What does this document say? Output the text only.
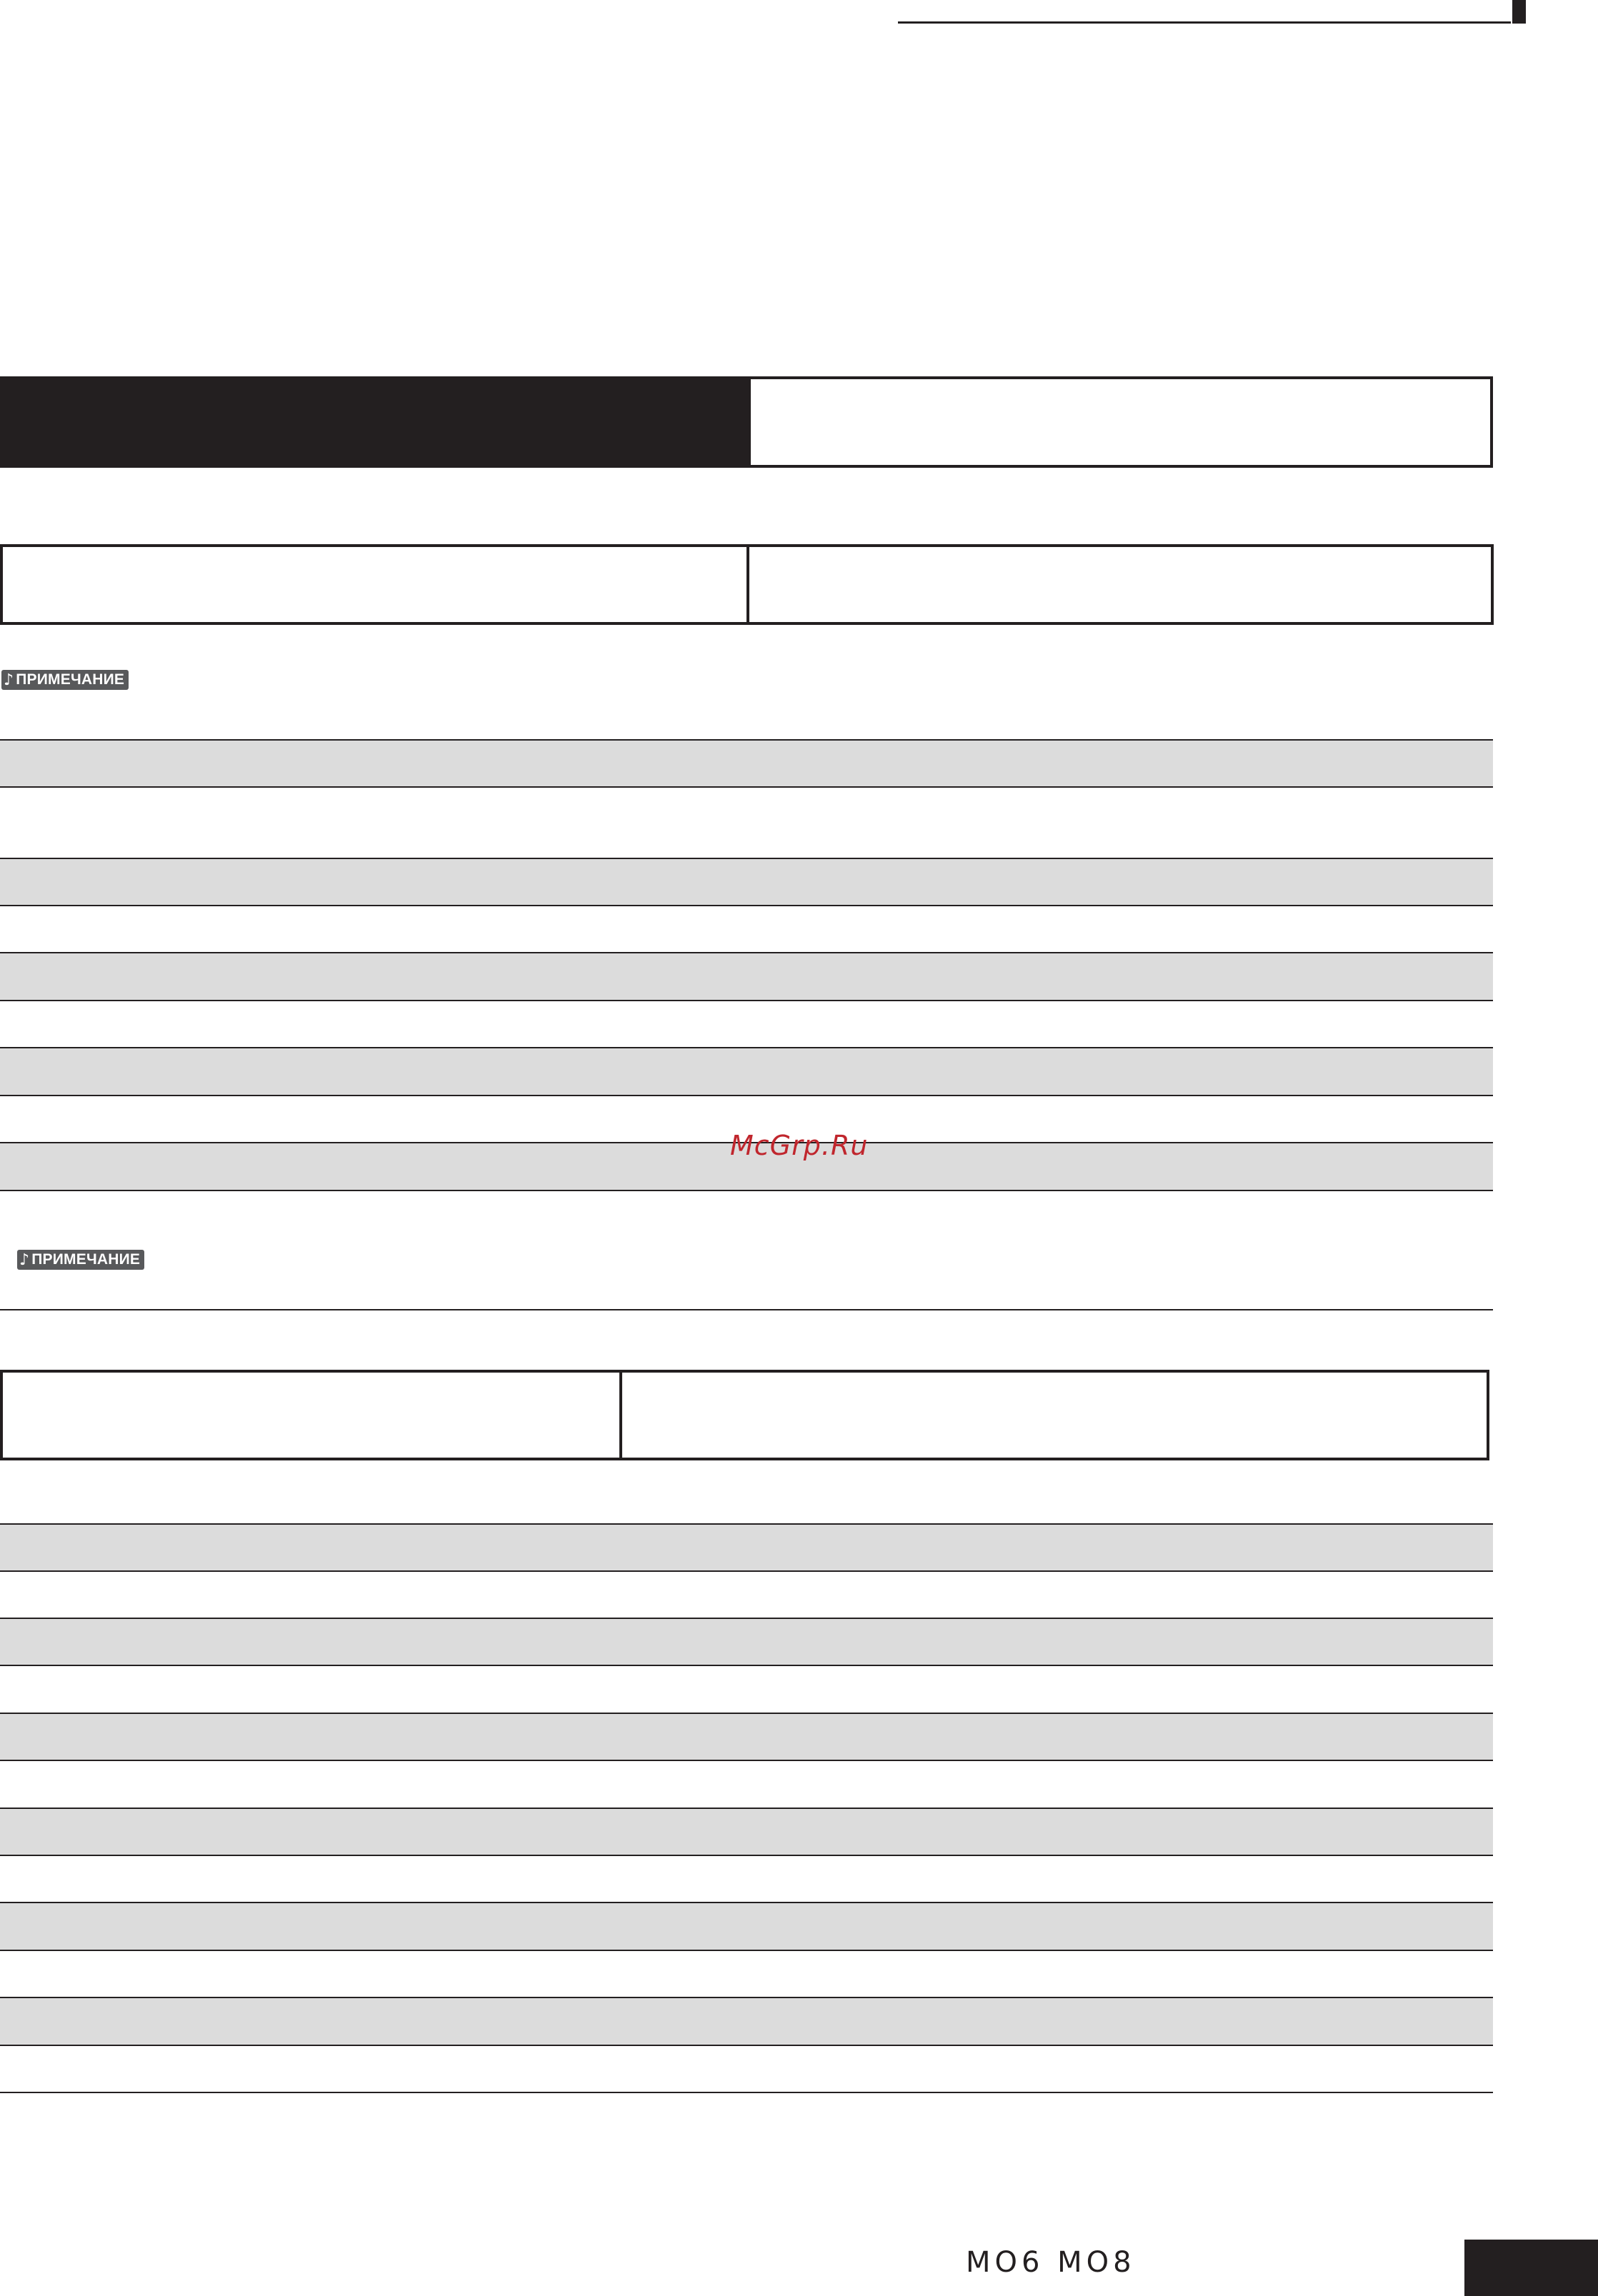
♪ ПРИМЕЧАНИЕ
McGrp.Ru
♪ ПРИМЕЧАНИЕ
MO6 MO8
